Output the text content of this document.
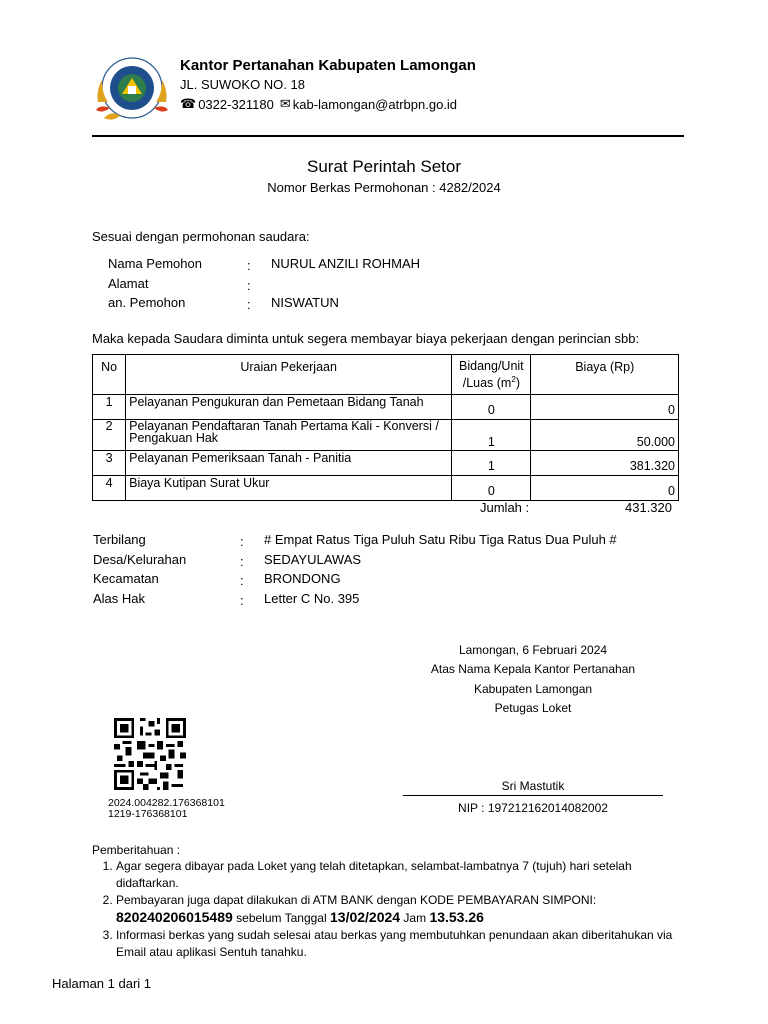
Kantor Pertanahan Kabupaten Lamongan
JL. SUWOKO NO. 18
☎ 0322-321180 ✉ kab-lamongan@atrbpn.go.id
Surat Perintah Setor
Nomor Berkas Permohonan : 4282/2024
Sesuai dengan permohonan saudara:
Nama Pemohon	: NURUL ANZILI ROHMAH
Alamat	:
an. Pemohon	: NISWATUN
Maka kepada Saudara diminta untuk segera membayar biaya pekerjaan dengan perincian sbb:
No	Uraian Pekerjaan	Bidang/Unit
/Luas $(m^2)$	Biaya (Rp)
1	Pelayanan Pengukuran dan Pemetaan Bidang Tanah	0	0
2	Pelayanan Pendaftaran Tanah Pertama Kali - Konversi / Pengakuan Hak	1	50.000
3	Pelayanan Pemeriksaan Tanah - Panitia	1	381.320
4	Biaya Kutipan Surat Ukur	0	0
Jumlah :	431.320
Terbilang	: # Empat Ratus Tiga Puluh Satu Ribu Tiga Ratus Dua Puluh #
Desa/Kelurahan	: SEDAYULAWAS
Kecamatan	: BRONDONG
Alas Hak	: Letter C No. 395
Lamongan, 6 Februari 2024
Atas Nama Kepala Kantor Pertanahan
Kabupaten Lamongan
Petugas Loket
Sri Mastutik
NIP : 197212162014082002
2024.004282.176368101
1219-176368101
Pemberitahuan :
1. Agar segera dibayar pada Loket yang telah ditetapkan, selambat-lambatnya 7 (tujuh) hari setelah didaftarkan.
2. Pembayaran juga dapat dilakukan di ATM BANK dengan KODE PEMBAYARAN SIMPONI:
820240206015489 sebelum Tanggal 13/02/2024 Jam 13.53.26
3. Informasi berkas yang sudah selesai atau berkas yang membutuhkan penundaan akan diberitahukan via Email atau aplikasi Sentuh tanahku.
Halaman 1 dari 1
